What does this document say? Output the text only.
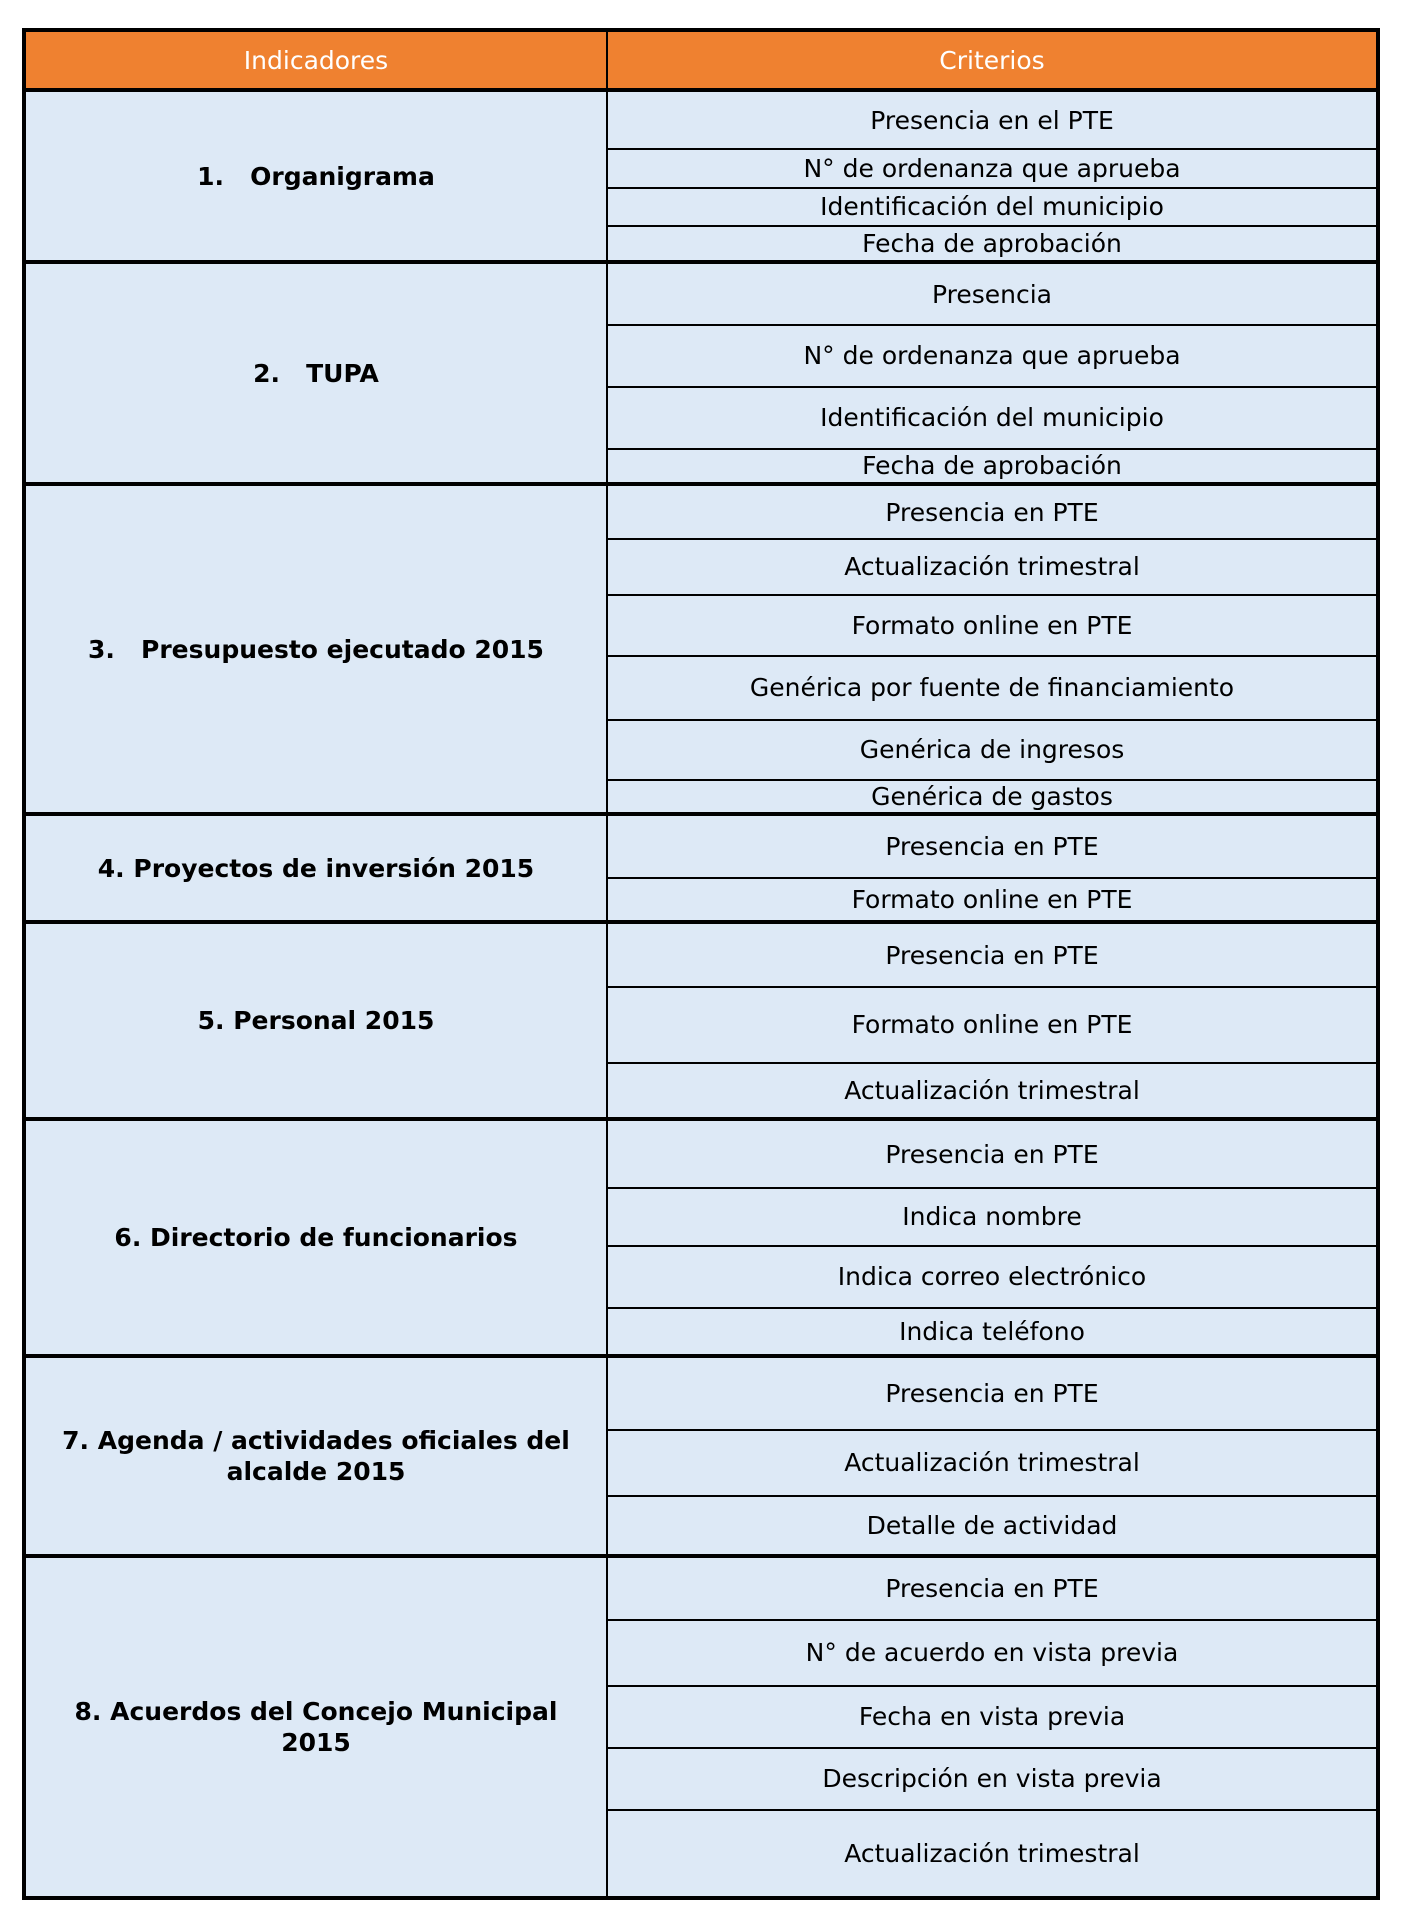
Indicadores	Criterios
1.   Organigrama
Presencia en el PTE
N° de ordenanza que aprueba
Identificación del municipio
Fecha de aprobación
2.   TUPA
Presencia
N° de ordenanza que aprueba
Identificación del municipio
Fecha de aprobación
3.   Presupuesto ejecutado 2015
Presencia en PTE
Actualización trimestral
Formato online en PTE
Genérica por fuente de financiamiento
Genérica de ingresos
Genérica de gastos
4. Proyectos de inversión 2015
Presencia en PTE
Formato online en PTE
5. Personal 2015
Presencia en PTE
Formato online en PTE
Actualización trimestral
6. Directorio de funcionarios
Presencia en PTE
Indica nombre
Indica correo electrónico
Indica teléfono
7. Agenda / actividades oficiales del alcalde 2015
Presencia en PTE
Actualización trimestral
Detalle de actividad
8. Acuerdos del Concejo Municipal 2015
Presencia en PTE
N° de acuerdo en vista previa
Fecha en vista previa
Descripción en vista previa
Actualización trimestral
